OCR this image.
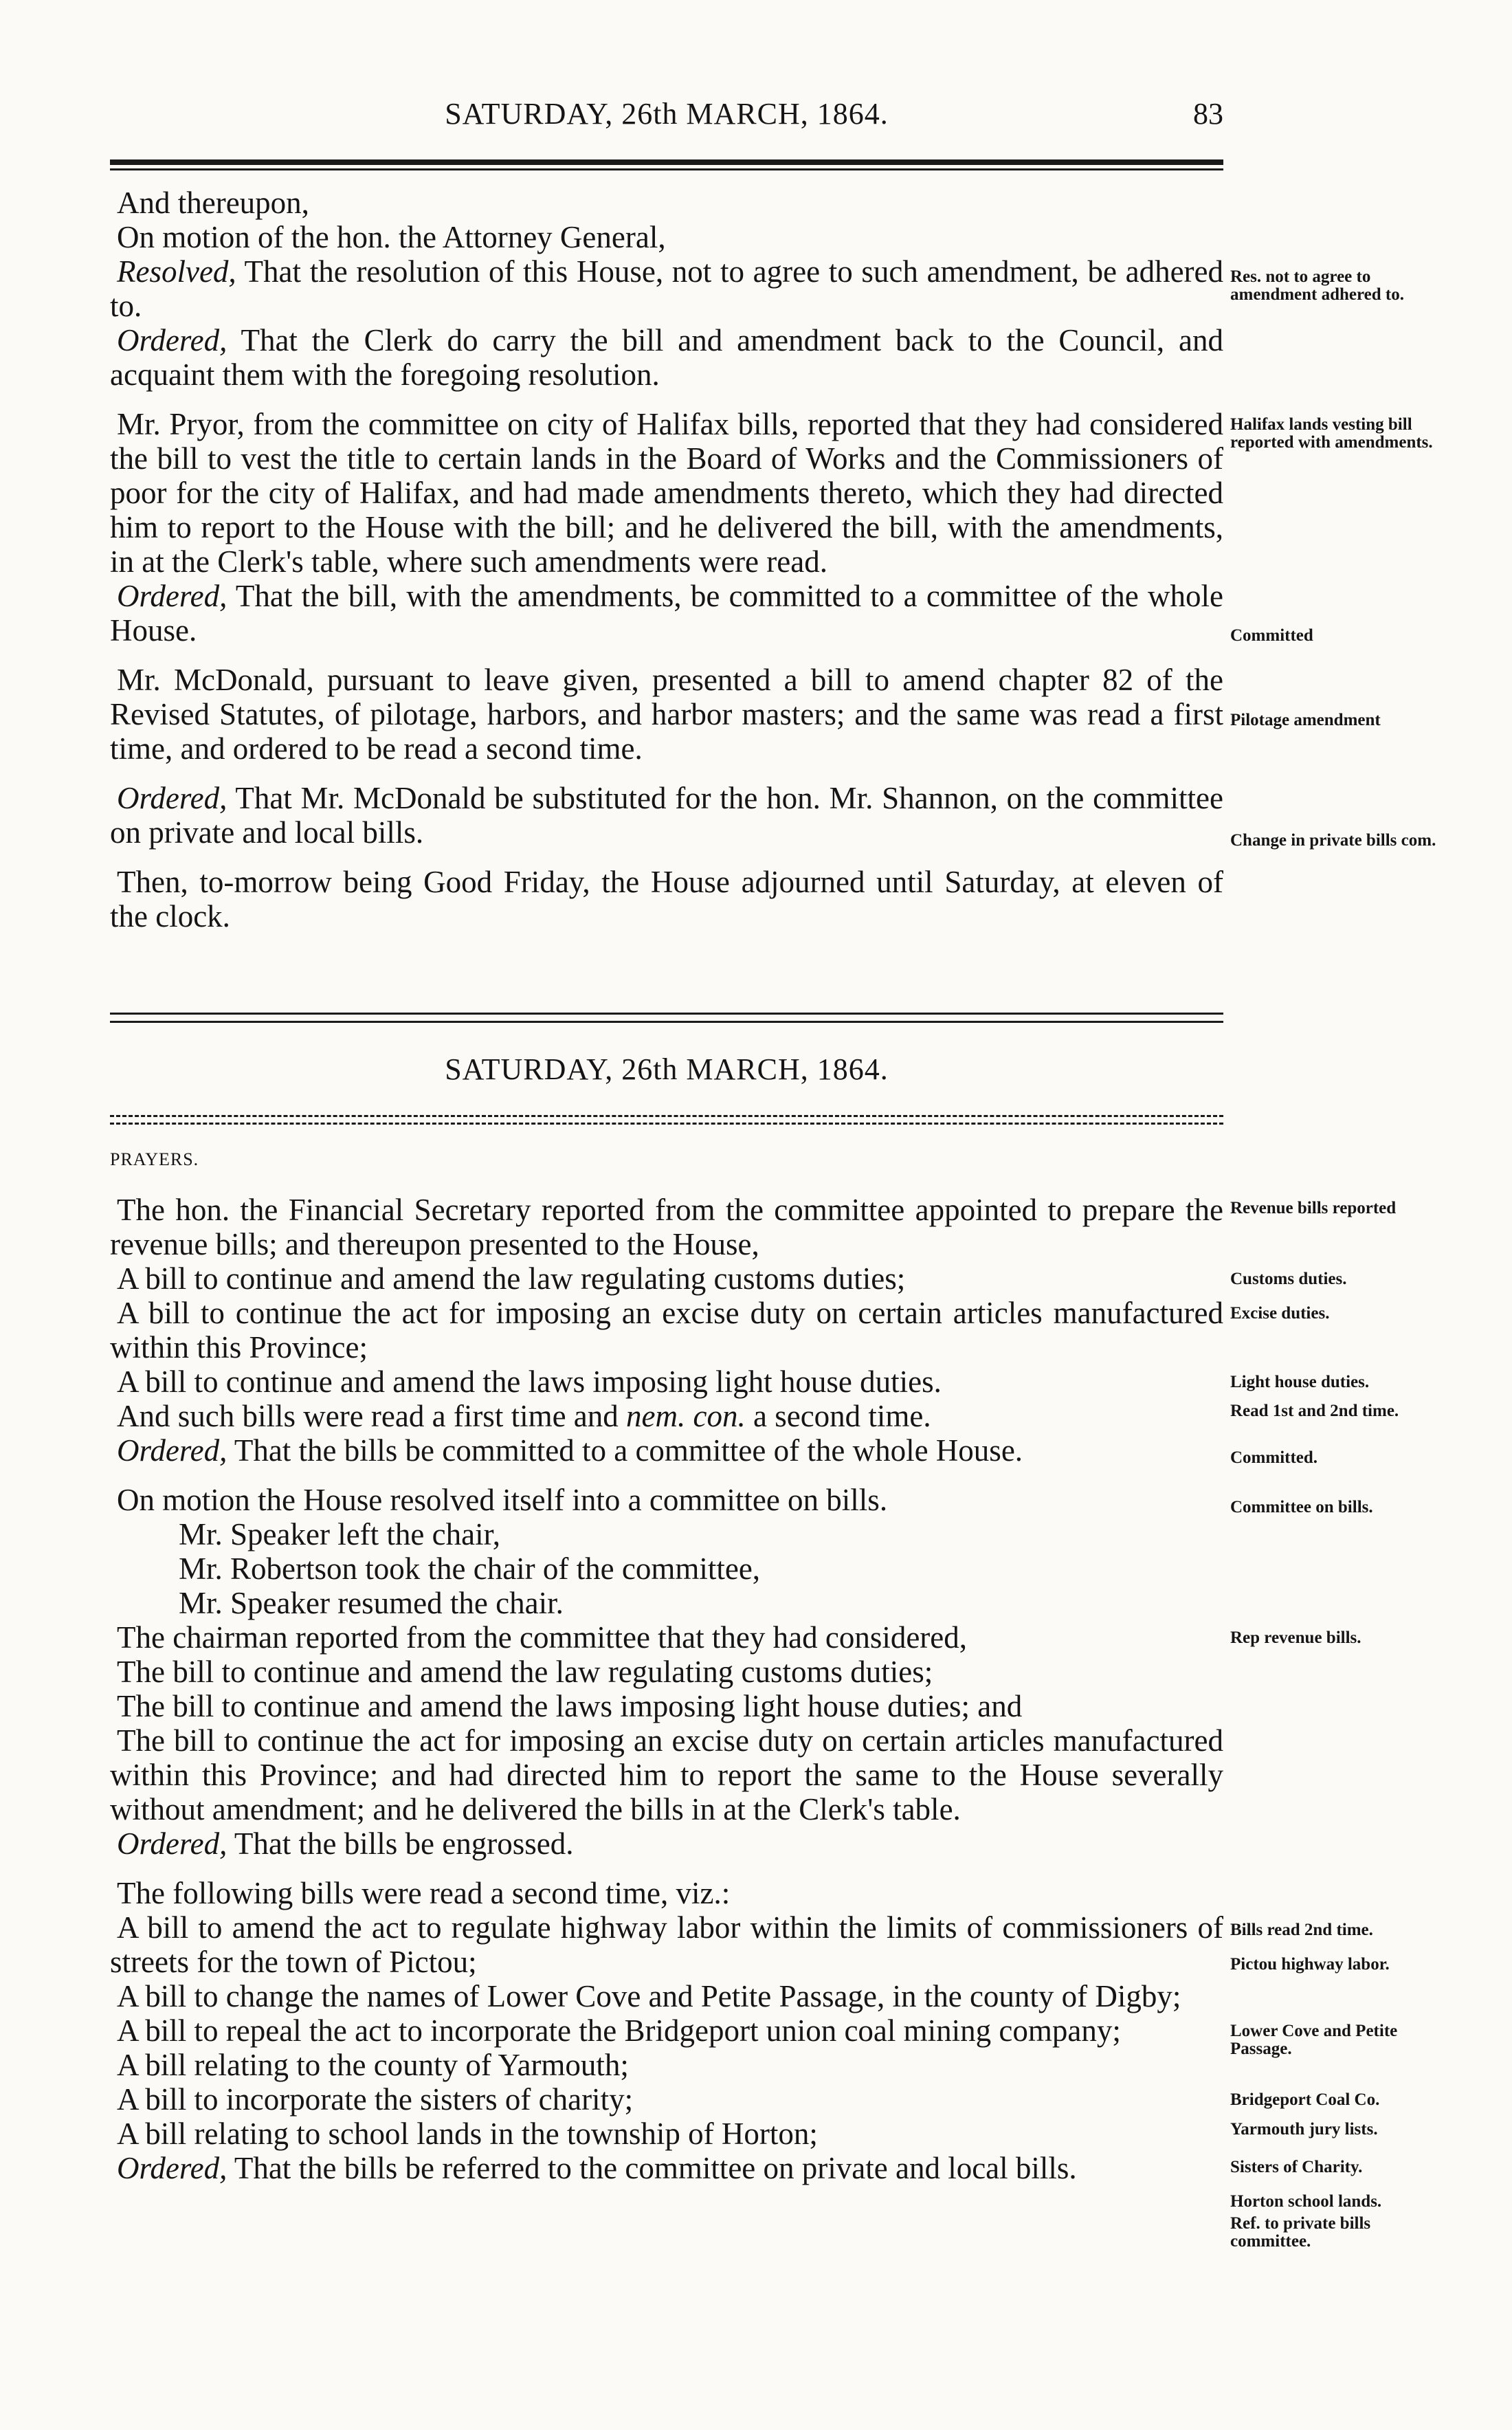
SATURDAY, 26th MARCH, 1864.	83

And thereupon,

On motion of the hon. the Attorney General,

Resolved, That the resolution of this House, not to agree to such amendment, be adhered to.

Ordered, That the Clerk do carry the bill and amendment back to the Council, and acquaint them with the foregoing resolution.

Mr. Pryor, from the committee on city of Halifax bills, reported that they had considered the bill to vest the title to certain lands in the Board of Works and the Commissioners of poor for the city of Halifax, and had made amendments thereto, which they had directed him to report to the House with the bill; and he delivered the bill, with the amendments, in at the Clerk's table, where such amendments were read.

Ordered, That the bill, with the amendments, be committed to a committee of the whole House.

Mr. McDonald, pursuant to leave given, presented a bill to amend chapter 82 of the Revised Statutes, of pilotage, harbors, and harbor masters; and the same was read a first time, and ordered to be read a second time.

Ordered, That Mr. McDonald be substituted for the hon. Mr. Shannon, on the committee on private and local bills.

Then, to-morrow being Good Friday, the House adjourned until Saturday, at eleven of the clock.

Res. not to agree to amendment adhered to.
Halifax lands vesting bill reported with amendments.
Committed
Pilotage amendment
Change in private bills com.
SATURDAY, 26th MARCH, 1864.
PRAYERS.

The hon. the Financial Secretary reported from the committee appointed to prepare the revenue bills; and thereupon presented to the House,

A bill to continue and amend the law regulating customs duties;

A bill to continue the act for imposing an excise duty on certain articles manufactured within this Province;

A bill to continue and amend the laws imposing light house duties.

And such bills were read a first time and nem. con. a second time.

Ordered, That the bills be committed to a committee of the whole House.

On motion the House resolved itself into a committee on bills.

Mr. Speaker left the chair,

Mr. Robertson took the chair of the committee,

Mr. Speaker resumed the chair.

The chairman reported from the committee that they had considered,

The bill to continue and amend the law regulating customs duties;

The bill to continue and amend the laws imposing light house duties; and

The bill to continue the act for imposing an excise duty on certain articles manufactured within this Province; and had directed him to report the same to the House severally without amendment; and he delivered the bills in at the Clerk's table.

Ordered, That the bills be engrossed.

The following bills were read a second time, viz.:

A bill to amend the act to regulate highway labor within the limits of commissioners of streets for the town of Pictou;

A bill to change the names of Lower Cove and Petite Passage, in the county of Digby;

A bill to repeal the act to incorporate the Bridgeport union coal mining company;

A bill relating to the county of Yarmouth;

A bill to incorporate the sisters of charity;

A bill relating to school lands in the township of Horton;

Ordered, That the bills be referred to the committee on private and local bills.

Revenue bills reported
Customs duties.
Excise duties.
Light house duties.
Read 1st and 2nd time.
Committed.
Committee on bills.
Rep revenue bills.
Bills read 2nd time.
Pictou highway labor.
Lower Cove and Petite Passage.
Bridgeport Coal Co.
Yarmouth jury lists.
Sisters of Charity.
Horton school lands.
Ref. to private bills committee.
